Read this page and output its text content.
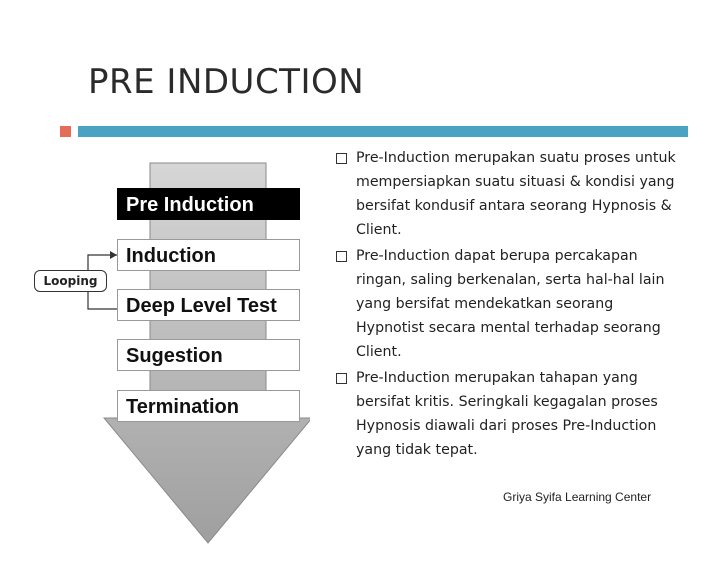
PRE INDUCTION
Pre Induction
Induction
Deep Level Test
Sugestion
Termination
Looping
Pre-Induction merupakan suatu proses untuk mempersiapkan suatu situasi & kondisi yang bersifat kondusif antara seorang Hypnosis & Client.
Pre-Induction dapat berupa percakapan ringan, saling berkenalan, serta hal-hal lain yang bersifat mendekatkan seorang Hypnotist secara mental terhadap seorang Client.
Pre-Induction merupakan tahapan yang bersifat kritis. Seringkali kegagalan proses Hypnosis diawali dari proses Pre-Induction yang tidak tepat.
Griya Syifa Learning Center
